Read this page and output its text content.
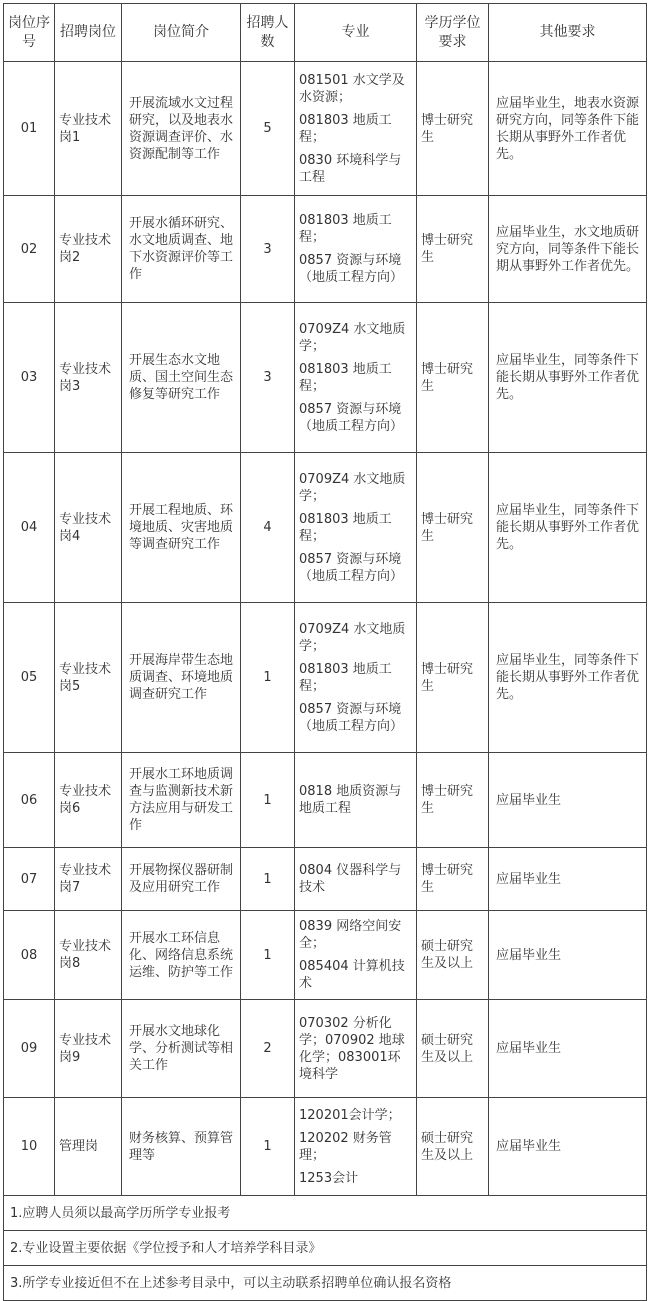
岗位序号	招聘岗位	岗位简介	招聘人数	专业	学历学位要求	其他要求
01	专业技术岗1	开展流域水文过程研究，以及地表水资源调查评价、水资源配制等工作	5	081501 水文学及水资源；

081803 地质工程；

0830 环境科学与工程	博士研究生	应届毕业生，地表水资源研究方向，同等条件下能长期从事野外工作者优先。
02	专业技术岗2	开展水循环研究、水文地质调查、地下水资源评价等工作	3	081803 地质工程；

0857 资源与环境（地质工程方向）	博士研究生	应届毕业生，水文地质研究方向，同等条件下能长期从事野外工作者优先。
03	专业技术岗3	开展生态水文地质、国土空间生态修复等研究工作	3	0709Z4 水文地质学；

081803 地质工程；

0857 资源与环境（地质工程方向）	博士研究生	应届毕业生，同等条件下能长期从事野外工作者优先。
04	专业技术岗4	开展工程地质、环境地质、灾害地质等调查研究工作	4	0709Z4 水文地质学；

081803 地质工程；

0857 资源与环境（地质工程方向）	博士研究生	应届毕业生，同等条件下能长期从事野外工作者优先。
05	专业技术岗5	开展海岸带生态地质调查、环境地质调查研究工作	1	0709Z4 水文地质学；

081803 地质工程；

0857 资源与环境（地质工程方向）	博士研究生	应届毕业生，同等条件下能长期从事野外工作者优先。
06	专业技术岗6	开展水工环地质调查与监测新技术新方法应用与研发工作	1	0818 地质资源与地质工程	博士研究生	应届毕业生
07	专业技术岗7	开展物探仪器研制及应用研究工作	1	0804 仪器科学与技术	博士研究生	应届毕业生
08	专业技术岗8	开展水工环信息化、网络信息系统运维、防护等工作	1	0839 网络空间安全；

085404 计算机技术	硕士研究生及以上	应届毕业生
09	专业技术岗9	开展水文地球化学、分析测试等相关工作	2	070302 分析化学；070902 地球化学；083001环境科学	硕士研究生及以上	应届毕业生
10	管理岗	财务核算、预算管理等	1	120201会计学；

120202 财务管理；

1253会计	硕士研究生及以上	应届毕业生
1.应聘人员须以最高学历所学专业报考						
2.专业设置主要依据《学位授予和人才培养学科目录》						
3.所学专业接近但不在上述参考目录中，可以主动联系招聘单位确认报名资格						
